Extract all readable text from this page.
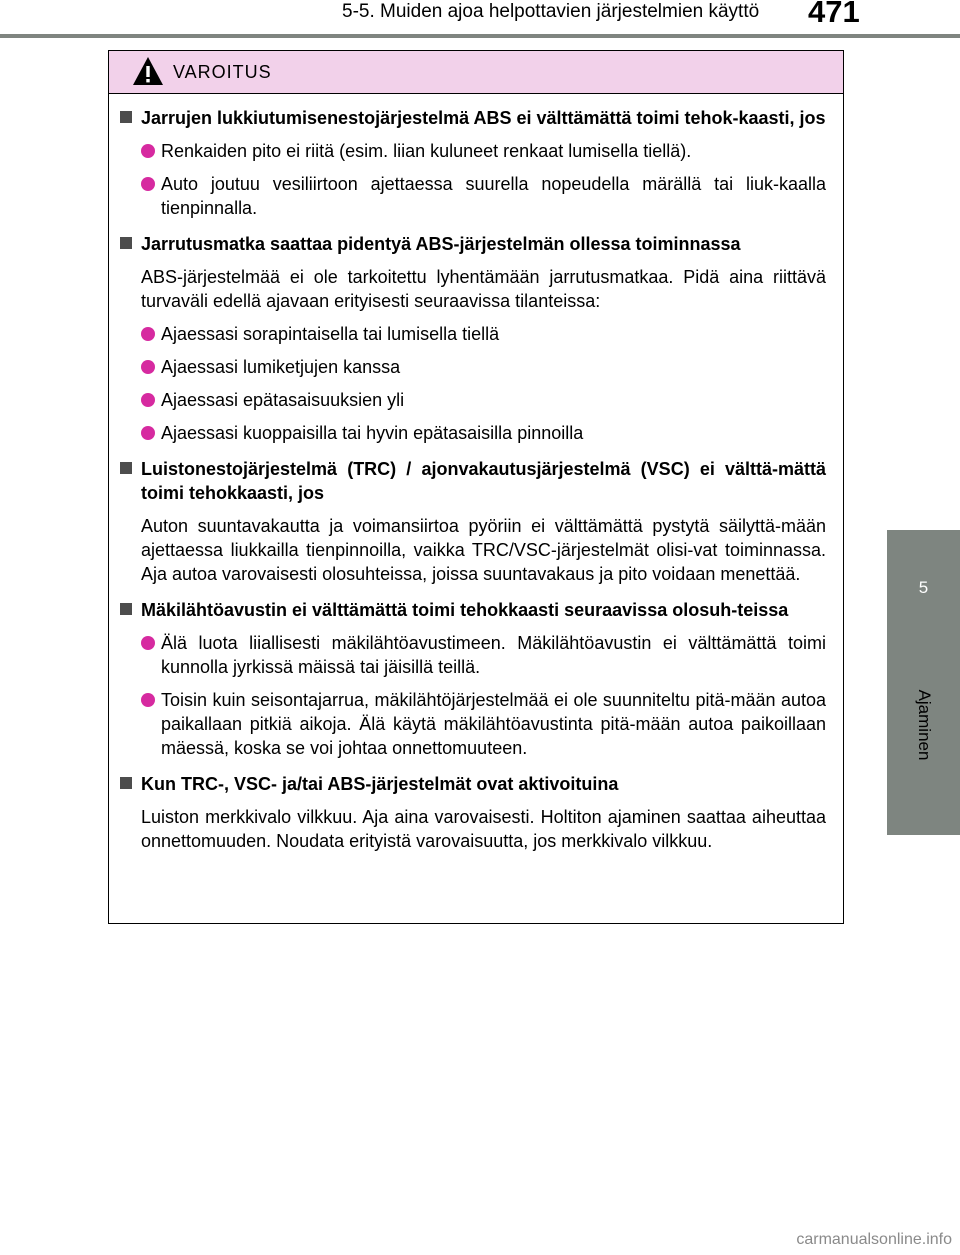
5-5. Muiden ajoa helpottavien järjestelmien käyttö 471
5
Ajaminen
VAROITUS
Jarrujen lukkiutumisenestojärjestelmä ABS ei välttämättä toimi tehok-kaasti, jos
Renkaiden pito ei riitä (esim. liian kuluneet renkaat lumisella tiellä).
Auto joutuu vesiliirtoon ajettaessa suurella nopeudella märällä tai liuk-kaalla tienpinnalla.
Jarrutusmatka saattaa pidentyä ABS-järjestelmän ollessa toiminnassa
ABS-järjestelmää ei ole tarkoitettu lyhentämään jarrutusmatkaa. Pidä aina riittävä turvaväli edellä ajavaan erityisesti seuraavissa tilanteissa:
Ajaessasi sorapintaisella tai lumisella tiellä
Ajaessasi lumiketjujen kanssa
Ajaessasi epätasaisuuksien yli
Ajaessasi kuoppaisilla tai hyvin epätasaisilla pinnoilla
Luistonestojärjestelmä (TRC) / ajonvakautusjärjestelmä (VSC) ei välttä-mättä toimi tehokkaasti, jos
Auton suuntavakautta ja voimansiirtoa pyöriin ei välttämättä pystytä säilyttä-mään ajettaessa liukkailla tienpinnoilla, vaikka TRC/VSC-järjestelmät olisi-vat toiminnassa. Aja autoa varovaisesti olosuhteissa, joissa suuntavakaus ja pito voidaan menettää.
Mäkilähtöavustin ei välttämättä toimi tehokkaasti seuraavissa olosuh-teissa
Älä luota liiallisesti mäkilähtöavustimeen. Mäkilähtöavustin ei välttämättä toimi kunnolla jyrkissä mäissä tai jäisillä teillä.
Toisin kuin seisontajarrua, mäkilähtöjärjestelmää ei ole suunniteltu pitä-mään autoa paikallaan pitkiä aikoja. Älä käytä mäkilähtöavustinta pitä-mään autoa paikoillaan mäessä, koska se voi johtaa onnettomuuteen.
Kun TRC-, VSC- ja/tai ABS-järjestelmät ovat aktivoituina
Luiston merkkivalo vilkkuu. Aja aina varovaisesti. Holtiton ajaminen saattaa aiheuttaa onnettomuuden. Noudata erityistä varovaisuutta, jos merkkivalo vilkkuu.
carmanualsonline.info
